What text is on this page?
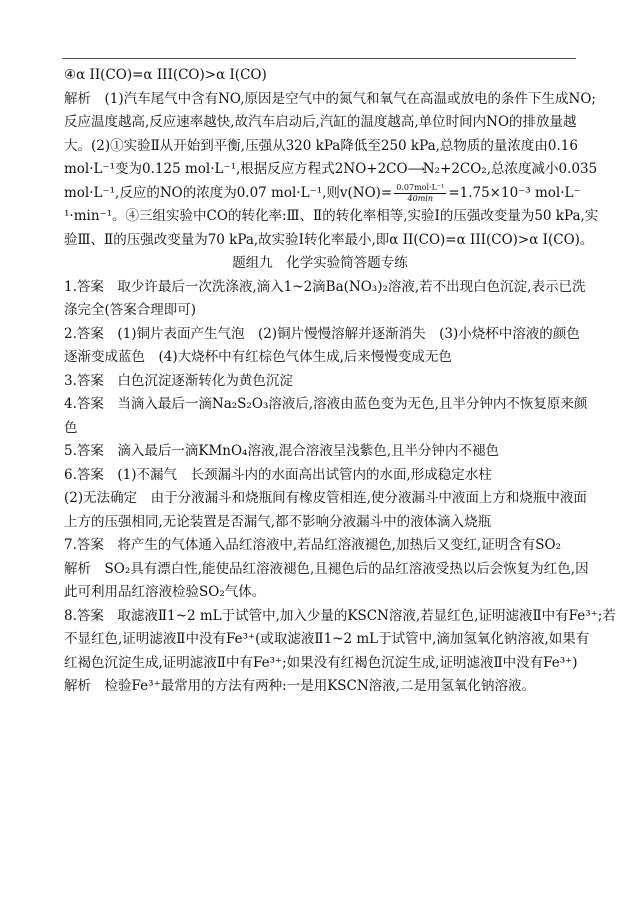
④α II(CO)=α III(CO)>α I(CO)
解析　 (1)汽车尾气中含有NO,原因是空气中的氮气和氧气在高温或放电的条件下生成NO;
反应温度越高,反应速率越快,故汽车启动后,汽缸的温度越高,单位时间内NO的排放量越
大。(2)①实验Ⅱ从开始到平衡,压强从320 kPa降低至250 kPa,总物质的量浓度由0.16
mol·L⁻¹变为0.125 mol·L⁻¹,根据反应方程式2NO+2CO⟶N₂+2CO₂,总浓度减小0.035
mol·L⁻¹,反应的NO的浓度为0.07 mol·L⁻¹,则$v(NO)= \frac{\text{0.07mol·L⁻¹}}{40\min} =1.75\times 10^{-3}$ mol·L⁻
¹·min⁻¹。④三组实验中CO的转化率:Ⅲ、Ⅱ的转化率相等,实验Ⅰ的压强改变量为50 kPa,实
验Ⅲ、Ⅱ的压强改变量为70 kPa,故实验Ⅰ转化率最小,即α II(CO)=α III(CO)>α I(CO)。
题组九　化学实验简答题专练
1.答案　取少许最后一次洗涤液,滴入1~2滴Ba(NO₃)₂溶液,若不出现白色沉淀,表示已洗
涤完全(答案合理即可)
2.答案　(1)铜片表面产生气泡　(2)铜片慢慢溶解并逐渐消失　(3)小烧杯中溶液的颜色
逐渐变成蓝色　(4)大烧杯中有红棕色气体生成,后来慢慢变成无色
3.答案　白色沉淀逐渐转化为黄色沉淀
4.答案　当滴入最后一滴Na₂S₂O₃溶液后,溶液由蓝色变为无色,且半分钟内不恢复原来颜
色
5.答案　滴入最后一滴KMnO₄溶液,混合溶液呈浅紫色,且半分钟内不褪色
6.答案　(1)不漏气　长颈漏斗内的水面高出试管内的水面,形成稳定水柱
(2)无法确定　由于分液漏斗和烧瓶间有橡皮管相连,使分液漏斗中液面上方和烧瓶中液面
上方的压强相同,无论装置是否漏气,都不影响分液漏斗中的液体滴入烧瓶
7.答案　将产生的气体通入品红溶液中,若品红溶液褪色,加热后又变红,证明含有SO₂
解析　SO₂具有漂白性,能使品红溶液褪色,且褪色后的品红溶液受热以后会恢复为红色,因
此可利用品红溶液检验SO₂气体。
8.答案　取滤液Ⅱ1~2 mL于试管中,加入少量的KSCN溶液,若显红色,证明滤液Ⅱ中有Fe³⁺;若
不显红色,证明滤液Ⅱ中没有Fe³⁺(或取滤液Ⅱ1~2 mL于试管中,滴加氢氧化钠溶液,如果有
红褐色沉淀生成,证明滤液Ⅱ中有Fe³⁺;如果没有红褐色沉淀生成,证明滤液Ⅱ中没有Fe³⁺)
解析　检验Fe³⁺最常用的方法有两种:一是用KSCN溶液,二是用氢氧化钠溶液。
